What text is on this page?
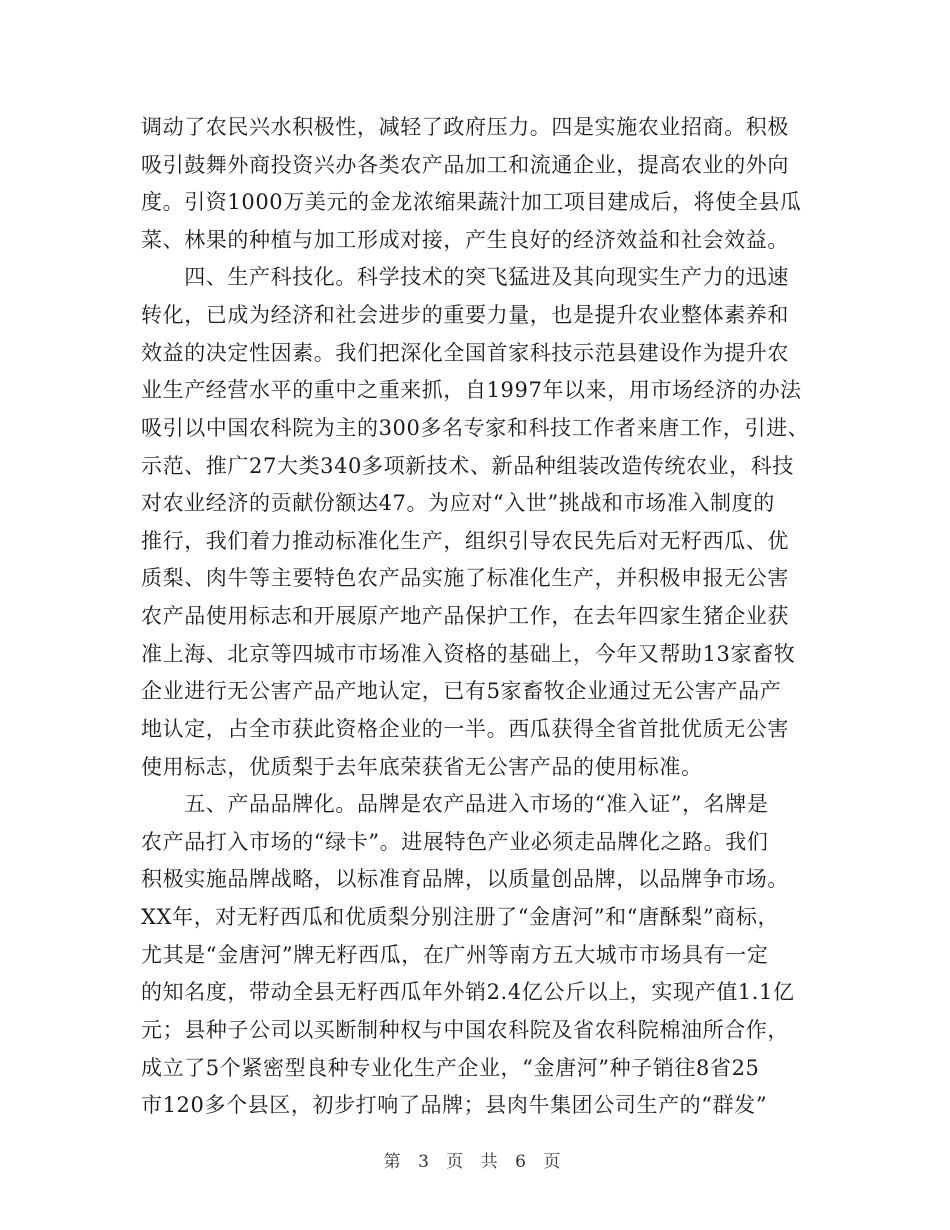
调动了农民兴水积极性，减轻了政府压力。四是实施农业招商。积极
吸引鼓舞外商投资兴办各类农产品加工和流通企业，提高农业的外向
度。引资1000万美元的金龙浓缩果蔬汁加工项目建成后，将使全县瓜
菜、林果的种植与加工形成对接，产生良好的经济效益和社会效益。
　　四、生产科技化。科学技术的突飞猛进及其向现实生产力的迅速
转化，已成为经济和社会进步的重要力量，也是提升农业整体素养和
效益的决定性因素。我们把深化全国首家科技示范县建设作为提升农
业生产经营水平的重中之重来抓，自1997年以来，用市场经济的办法
吸引以中国农科院为主的300多名专家和科技工作者来唐工作，引进、
示范、推广27大类340多项新技术、新品种组装改造传统农业，科技
对农业经济的贡献份额达47。为应对“入世”挑战和市场准入制度的
推行，我们着力推动标准化生产，组织引导农民先后对无籽西瓜、优
质梨、肉牛等主要特色农产品实施了标准化生产，并积极申报无公害
农产品使用标志和开展原产地产品保护工作，在去年四家生猪企业获
准上海、北京等四城市市场准入资格的基础上，今年又帮助13家畜牧
企业进行无公害产品产地认定，已有5家畜牧企业通过无公害产品产
地认定，占全市获此资格企业的一半。西瓜获得全省首批优质无公害
使用标志，优质梨于去年底荣获省无公害产品的使用标准。
　　五、产品品牌化。品牌是农产品进入市场的“准入证”，名牌是
农产品打入市场的“绿卡”。进展特色产业必须走品牌化之路。我们
积极实施品牌战略，以标准育品牌，以质量创品牌，以品牌争市场。
XX年，对无籽西瓜和优质梨分别注册了“金唐河”和“唐酥梨”商标，
尤其是“金唐河”牌无籽西瓜，在广州等南方五大城市市场具有一定
的知名度，带动全县无籽西瓜年外销2.4亿公斤以上，实现产值1.1亿
元；县种子公司以买断制种权与中国农科院及省农科院棉油所合作，
成立了5个紧密型良种专业化生产企业，“金唐河”种子销往8省25
市120多个县区，初步打响了品牌；县肉牛集团公司生产的“群发”
第 3 页 共 6 页
